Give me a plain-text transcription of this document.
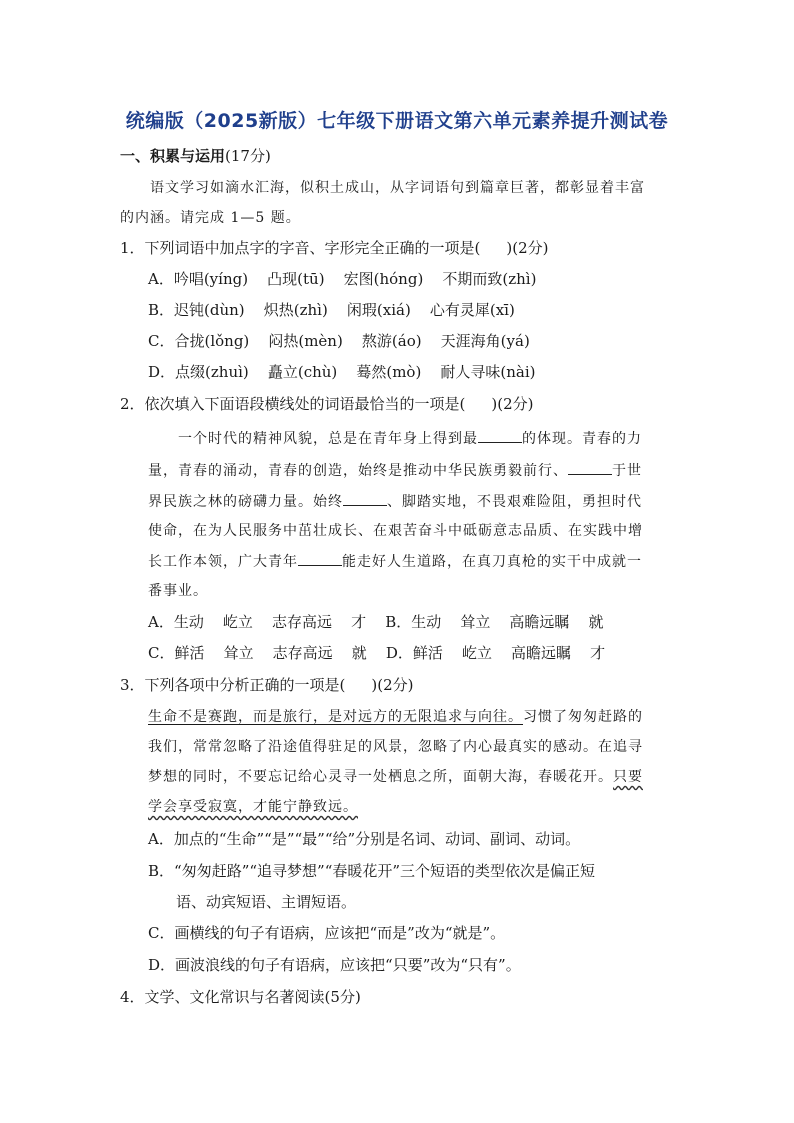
统编版（2025新版）七年级下册语文第六单元素养提升测试卷
一、积累与运用(17分)
语文学习如滴水汇海，似积土成山，从字词语句到篇章巨著，都彰显着丰富
的内涵。请完成 1—5 题。
1．下列词语中加点字的字音、字形完全正确的一项是( )(2分)
A．吟唱(yíng) 凸现(tū) 宏图(hóng) 不期而致(zhì)
B．迟钝(dùn) 炽热(zhì) 闲瑕(xiá) 心有灵犀(xī)
C．合拢(lǒng) 闷热(mèn) 熬游(áo) 天涯海角(yá)
D．点缀(zhuì) 矗立(chù) 蓦然(mò) 耐人寻味(nài)
2．依次填入下面语段横线处的词语最恰当的一项是( )(2分)
一个时代的精神风貌，总是在青年身上得到最	的体现。青春的力
量，青春的涌动，青春的创造，始终是推动中华民族勇毅前行、	于世
界民族之林的磅礴力量。始终	、脚踏实地，不畏艰难险阻，勇担时代
使命，在为人民服务中茁壮成长、在艰苦奋斗中砥砺意志品质、在实践中增
长工作本领，广大青年	能走好人生道路，在真刀真枪的实干中成就一
番事业。
A．生动 屹立 志存高远 才 B．生动 耸立 高瞻远瞩 就
C．鲜活 耸立 志存高远 就 D．鲜活 屹立 高瞻远瞩 才
3．下列各项中分析正确的一项是( )(2分)
生命不是赛跑，而是旅行，是对远方的无限追求与向往。习惯了匆匆赶路的
我们，常常忽略了沿途值得驻足的风景，忽略了内心最真实的感动。在追寻
梦想的同时，不要忘记给心灵寻一处栖息之所，面朝大海，春暖花开。只要
学会享受寂寞，才能宁静致远。
A．加点的“生命”“是”“最”“给”分别是名词、动词、副词、动词。
B．“匆匆赶路”“追寻梦想”“春暖花开”三个短语的类型依次是偏正短
语、动宾短语、主谓短语。
C．画横线的句子有语病，应该把“而是”改为“就是”。
D．画波浪线的句子有语病，应该把“只要”改为“只有”。
4．文学、文化常识与名著阅读(5分)
